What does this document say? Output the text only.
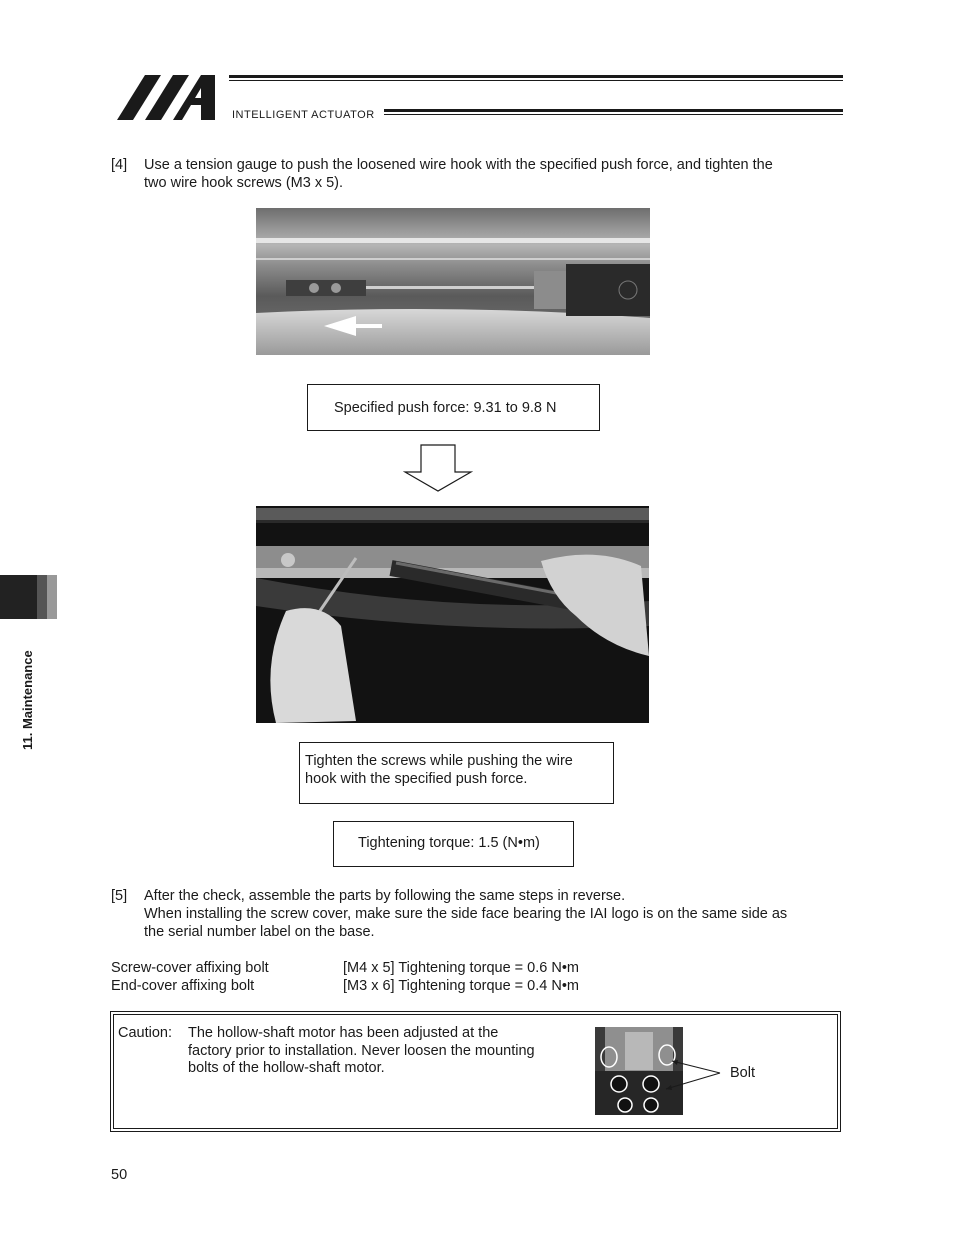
INTELLIGENT ACTUATOR
11. Maintenance
[4] Use a tension gauge to push the loosened wire hook with the specified push force, and tighten the
two wire hook screws (M3 x 5).
Specified push force: 9.31 to 9.8 N
Tighten the screws while pushing the wire
hook with the specified push force.
Tightening torque: 1.5 (N•m)
[5] After the check, assemble the parts by following the same steps in reverse.
When installing the screw cover, make sure the side face bearing the IAI logo is on the same side as
the serial number label on the base.
Screw-cover affixing bolt	[M4 x 5] Tightening torque = 0.6 N•m
End-cover affixing bolt	[M3 x 6] Tightening torque = 0.4 N•m
Caution: The hollow-shaft motor has been adjusted at the
factory prior to installation. Never loosen the mounting
bolts of the hollow-shaft motor.	Bolt
50
